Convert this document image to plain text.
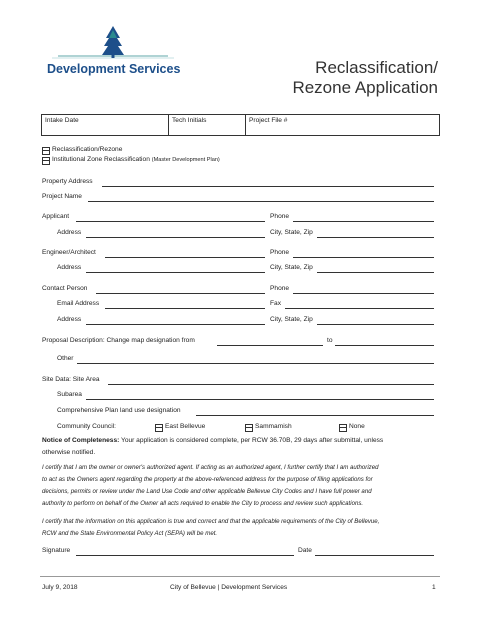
Development Services	Reclassification/
Rezone Application
Intake Date	Tech Initials	Project File #
Reclassification/Rezone
Institutional Zone Reclassification (Master Development Plan)
Property Address
Project Name
Applicant	Phone
Address	City, State, Zip
Engineer/Architect	Phone
Address	City, State, Zip
Contact Person	Phone
Email Address	Fax
Address	City, State, Zip
Proposal Description: Change map designation from	to
Other
Site Data: Site Area
Subarea
Comprehensive Plan land use designation
Community Council:	East Bellevue	Sammamish	None
Notice of Completeness: Your application is considered complete, per RCW 36.70B, 29 days after submittal, unless
otherwise notified.
I certify that I am the owner or owner's authorized agent. If acting as an authorized agent, I further certify that I am authorized
to act as the Owners agent regarding the property at the above-referenced address for the purpose of filing applications for
decisions, permits or review under the Land Use Code and other applicable Bellevue City Codes and I have full power and
authority to perform on behalf of the Owner all acts required to enable the City to process and review such applications.
I certify that the information on this application is true and correct and that the applicable requirements of the City of Bellevue,
RCW and the State Environmental Policy Act (SEPA) will be met.
Signature	Date
July 9, 2018	City of Bellevue | Development Services	1
